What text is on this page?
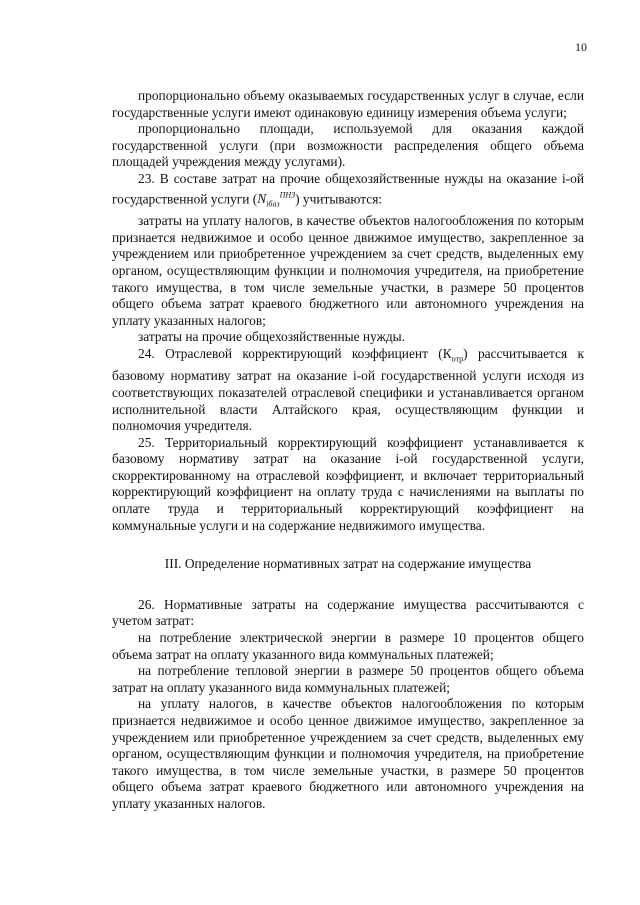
10

пропорционально объему оказываемых государственных услуг в случае, если государственные услуги имеют одинаковую единицу измерения объема услуги;

пропорционально площади, используемой для оказания каждой государственной услуги (при возможности распределения общего объема площадей учреждения между услугами).

23. В составе затрат на прочие общехозяйственные нужды на оказание i-ой государственной услуги $(N_{iбаз}^{ПНЗ})$ учитываются:

затраты на уплату налогов, в качестве объектов налогообложения по которым признается недвижимое и особо ценное движимое имущество, закрепленное за учреждением или приобретенное учреждением за счет средств, выделенных ему органом, осуществляющим функции и полномочия учредителя, на приобретение такого имущества, в том числе земельные участки, в размере 50 процентов общего объема затрат краевого бюджетного или автономного учреждения на уплату указанных налогов;

затраты на прочие общехозяйственные нужды.

24. Отраслевой корректирующий коэффициент $(К_{отр})$ рассчитывается к базовому нормативу затрат на оказание i-ой государственной услуги исходя из соответствующих показателей отраслевой специфики и устанавливается органом исполнительной власти Алтайского края, осуществляющим функции и полномочия учредителя.

25. Территориальный корректирующий коэффициент устанавливается к базовому нормативу затрат на оказание i-ой государственной услуги, скорректированному на отраслевой коэффициент, и включает территориальный корректирующий коэффициент на оплату труда с начислениями на выплаты по оплате труда и территориальный корректирующий коэффициент на коммунальные услуги и на содержание недвижимого имущества.

III. Определение нормативных затрат на содержание имущества

26. Нормативные затраты на содержание имущества рассчитываются с учетом затрат:

на потребление электрической энергии в размере 10 процентов общего объема затрат на оплату указанного вида коммунальных платежей;

на потребление тепловой энергии в размере 50 процентов общего объема затрат на оплату указанного вида коммунальных платежей;

на уплату налогов, в качестве объектов налогообложения по которым признается недвижимое и особо ценное движимое имущество, закрепленное за учреждением или приобретенное учреждением за счет средств, выделенных ему органом, осуществляющим функции и полномочия учредителя, на приобретение такого имущества, в том числе земельные участки, в размере 50 процентов общего объема затрат краевого бюджетного или автономного учреждения на уплату указанных налогов.
